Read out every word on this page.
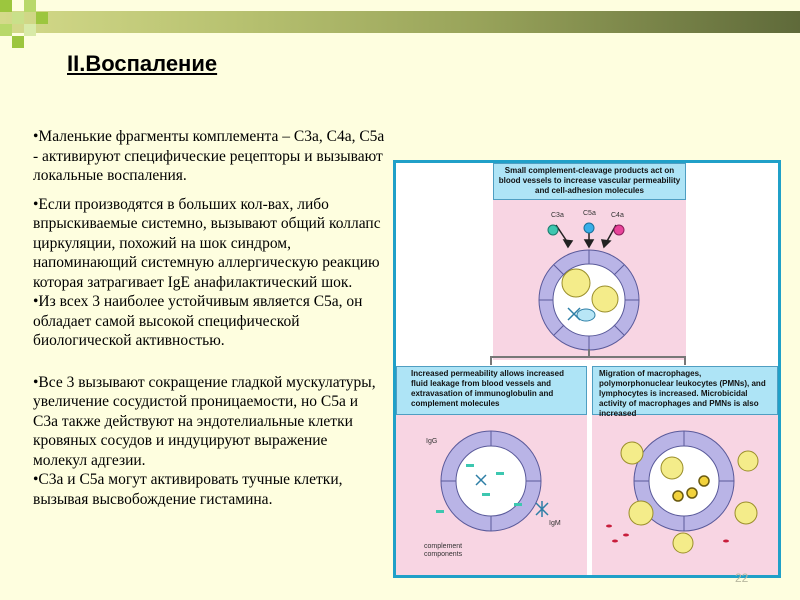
II.Воспаление

•Маленькие фрагменты комплемента – С3а, С4а, С5а - активируют специфические рецепторы и вызывают локальные воспаления.

•Если производятся в больших кол-вах, либо впрыскиваемые системно, вызывают общий коллапс циркуляции, похожий на шок синдром, напоминающий системную аллергическую реакцию которая затрагивает IgE анафилактический шок.

•Из всех 3 наиболее устойчивым является С5а, он обладает самой высокой специфической биологической активностью.

•Все 3 вызывают сокращение гладкой мускулатуры, увеличение сосудистой проницаемости, но С5а и С3а также действуют на эндотелиальные клетки кровяных сосудов и индуцируют выражение молекул адгезии.

•С3а и С5а могут активировать тучные клетки, вызывая высвобождение гистамина.

Small complement-cleavage products act on blood vessels to increase vascular permeability and cell-adhesion molecules
Increased permeability allows increased fluid leakage from blood vessels and extravasation of immunoglobulin and complement molecules
Migration of macrophages, polymorphonuclear leukocytes (PMNs), and lymphocytes is increased. Microbicidal activity of macrophages and PMNs is also increased
C3a	C5a C4a
IgG
IgM
complement components
22
